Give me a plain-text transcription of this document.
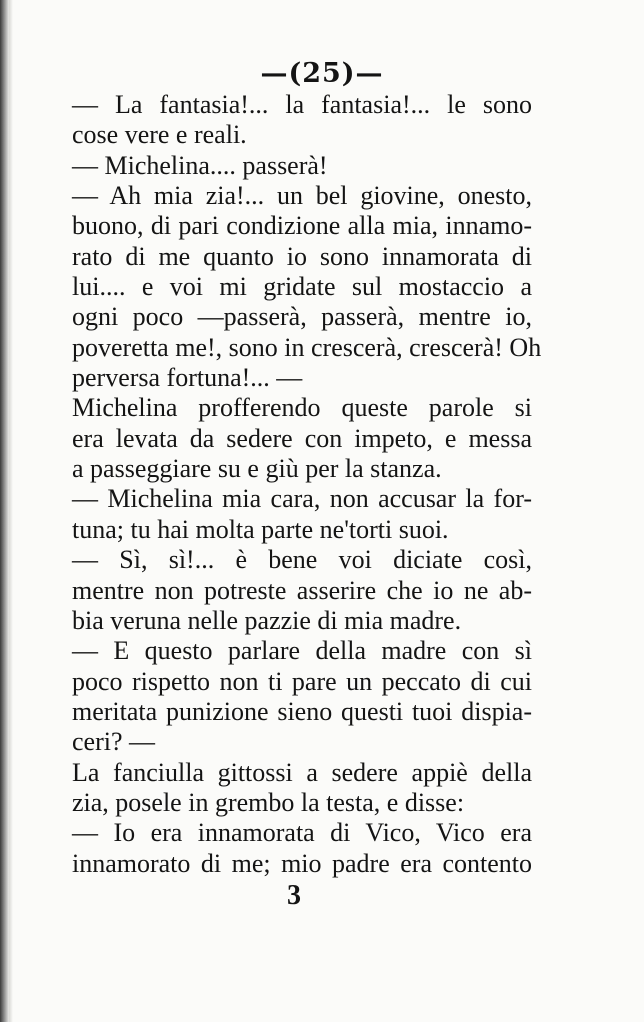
—(25)—
— La fantasia!... la fantasia!... le sono
cose vere e reali.
— Michelina.... passerà!
— Ah mia zia!... un bel giovine, onesto,
buono, di pari condizione alla mia, innamo-
rato di me quanto io sono innamorata di
lui.... e voi mi gridate sul mostaccio a
ogni poco —passerà, passerà, mentre io,
poveretta me!, sono in crescerà, crescerà! Oh
perversa fortuna!... —
Michelina profferendo queste parole si
era levata da sedere con impeto, e messa
a passeggiare su e giù per la stanza.
— Michelina mia cara, non accusar la for-
tuna; tu hai molta parte ne'torti suoi.
— Sì, sì!... è bene voi diciate così,
mentre non potreste asserire che io ne ab-
bia veruna nelle pazzie di mia madre.
— E questo parlare della madre con sì
poco rispetto non ti pare un peccato di cui
meritata punizione sieno questi tuoi dispia-
ceri? —
La fanciulla gittossi a sedere appiè della
zia, posele in grembo la testa, e disse:
— Io era innamorata di Vico, Vico era
innamorato di me; mio padre era contento
3
